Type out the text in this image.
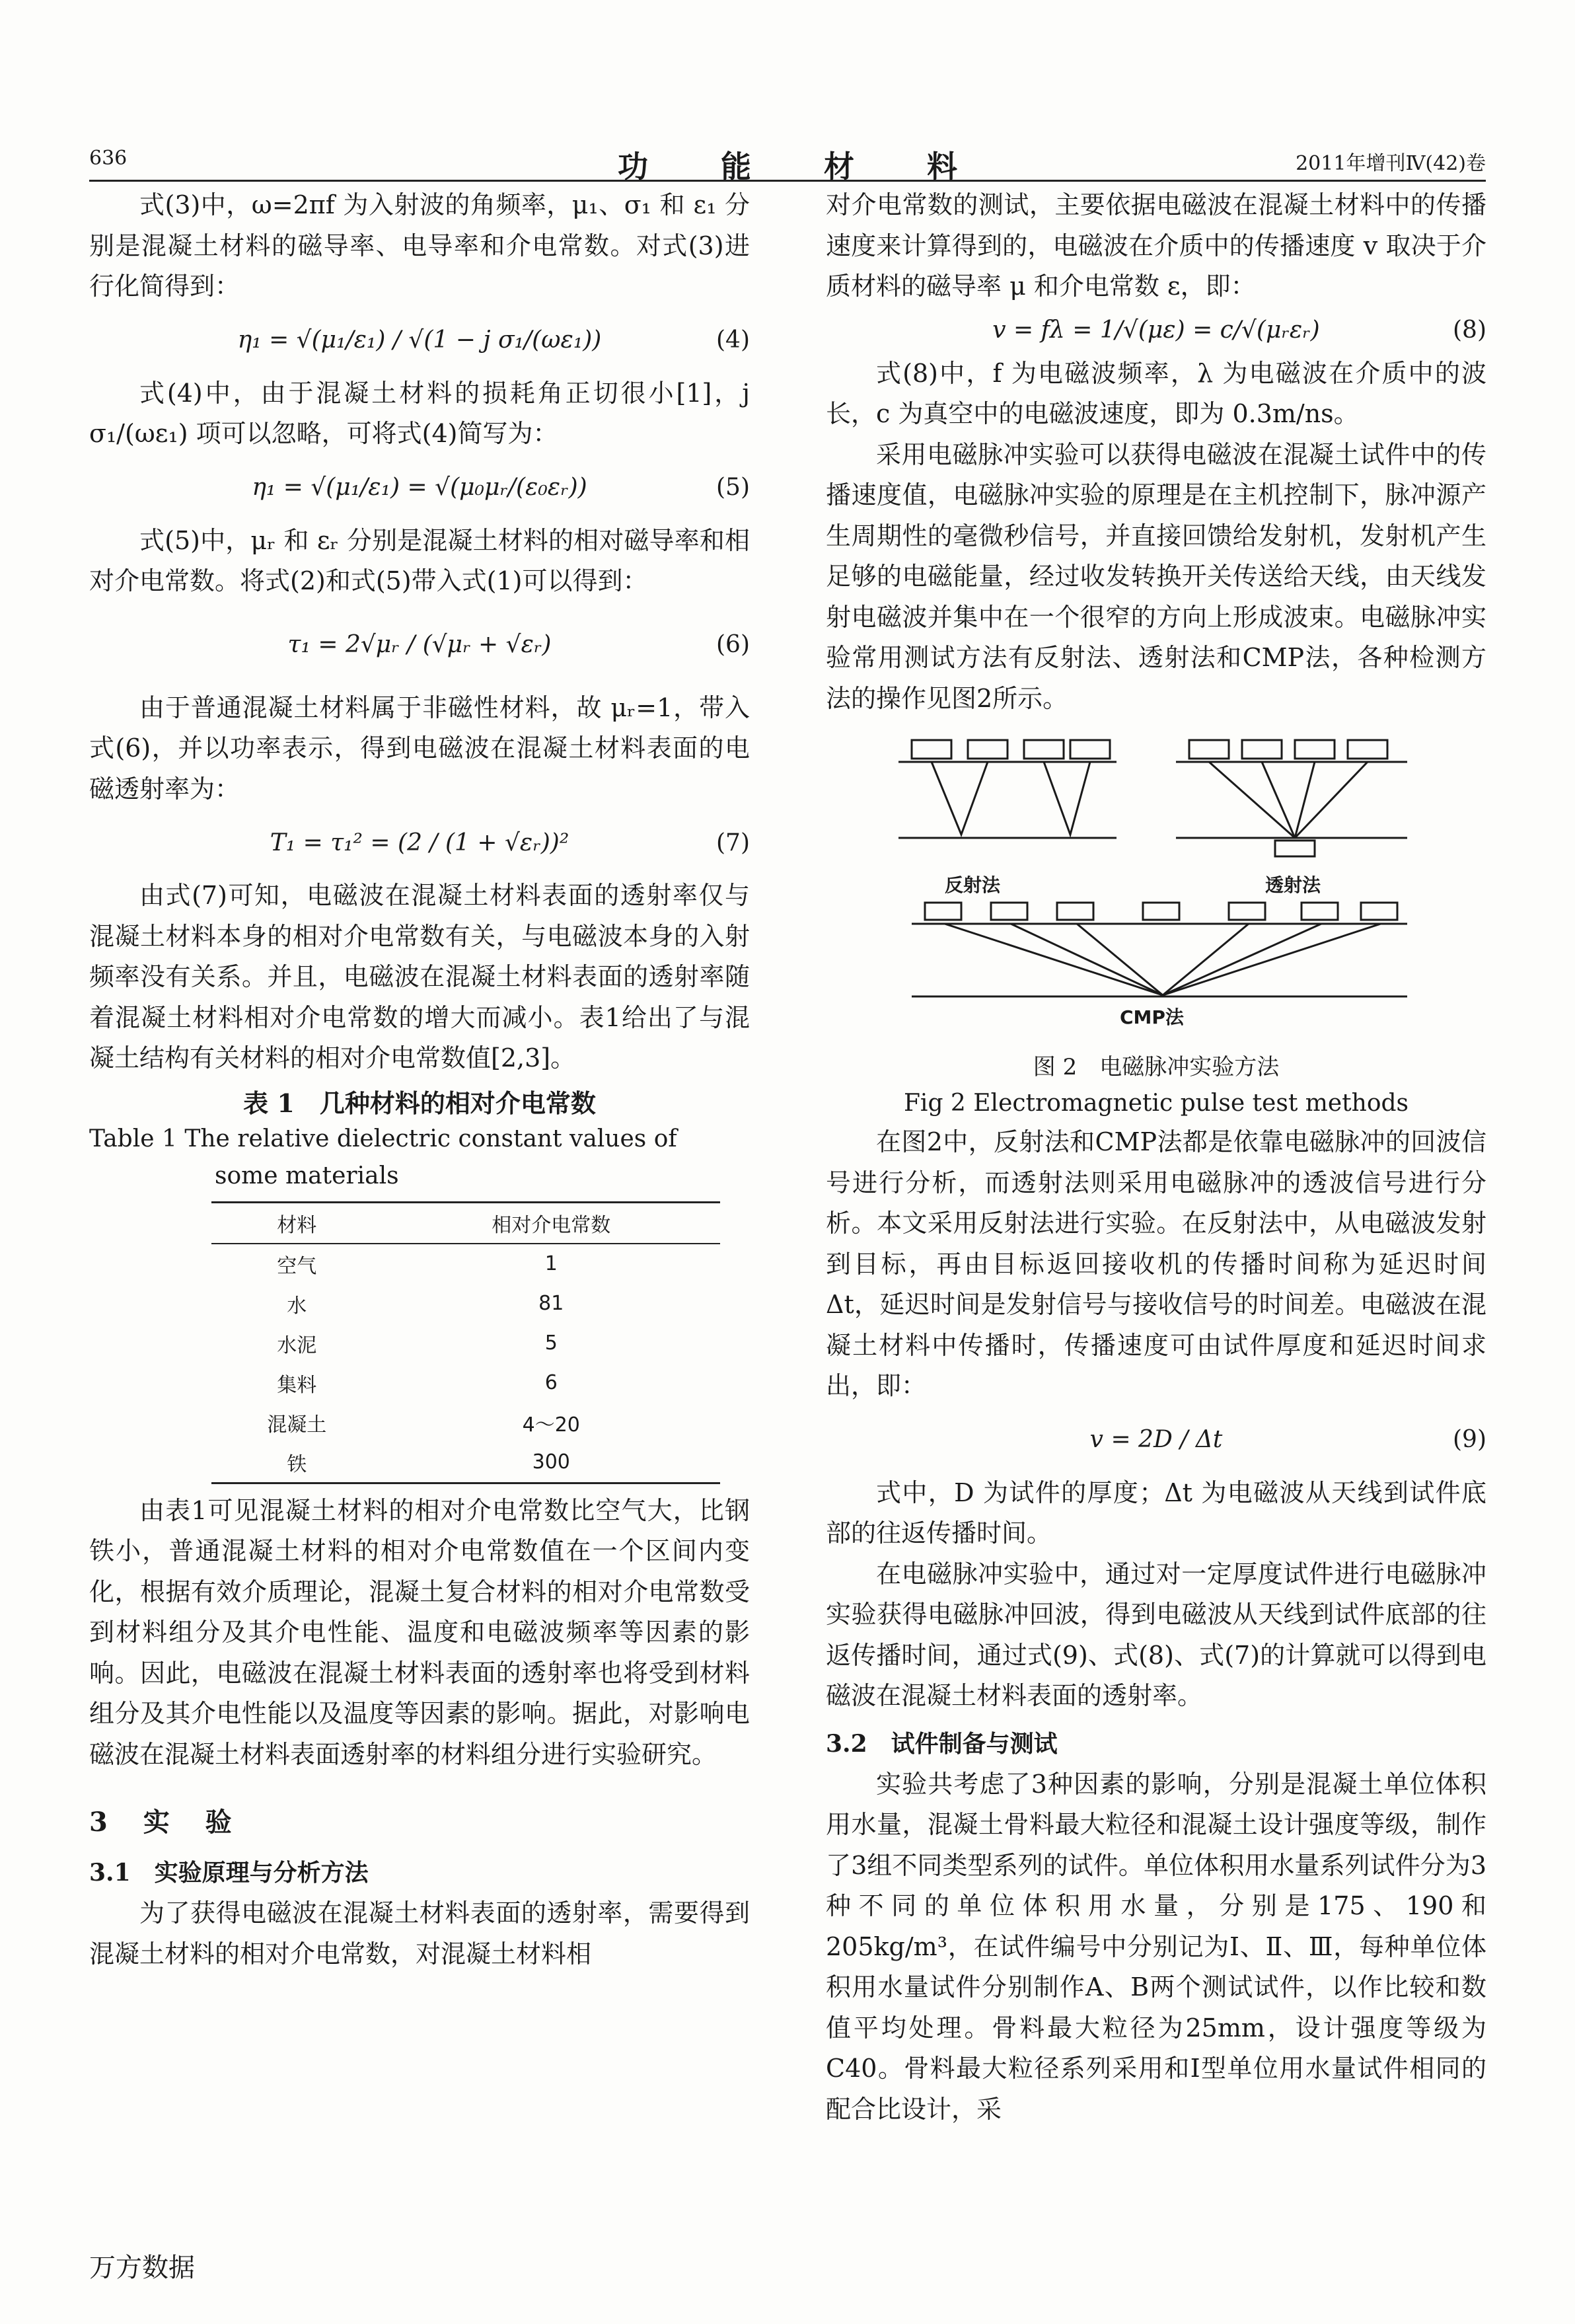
636	功能材料	2011年增刊Ⅳ(42)卷

式(3)中，ω=2πf 为入射波的角频率，μ₁、σ₁ 和 ε₁ 分别是混凝土材料的磁导率、电导率和介电常数。对式(3)进行化简得到：

η₁ = √(μ₁/ε₁) / √(1 − j σ₁/(ωε₁))	(4)

式(4)中，由于混凝土材料的损耗角正切很小[1]，j σ₁/(ωε₁) 项可以忽略，可将式(4)简写为：

η₁ = √(μ₁/ε₁) = √(μ₀μᵣ/(ε₀εᵣ))	(5)

式(5)中，μᵣ 和 εᵣ 分别是混凝土材料的相对磁导率和相对介电常数。将式(2)和式(5)带入式(1)可以得到：

τ₁ = 2√μᵣ / (√μᵣ + √εᵣ)	(6)

由于普通混凝土材料属于非磁性材料，故 μᵣ=1，带入式(6)，并以功率表示，得到电磁波在混凝土材料表面的电磁透射率为：

T₁ = τ₁² = (2 / (1 + √εᵣ))²	(7)

由式(7)可知，电磁波在混凝土材料表面的透射率仅与混凝土材料本身的相对介电常数有关，与电磁波本身的入射频率没有关系。并且，电磁波在混凝土材料表面的透射率随着混凝土材料相对介电常数的增大而减小。表1给出了与混凝土结构有关材料的相对介电常数值[2,3]。

表 1　几种材料的相对介电常数
Table 1 The relative dielectric constant values of
some materials
材料	相对介电常数
空气	1
水	81
水泥	5
集料	6
混凝土	4～20
铁	300

由表1可见混凝土材料的相对介电常数比空气大，比钢铁小，普通混凝土材料的相对介电常数值在一个区间内变化，根据有效介质理论，混凝土复合材料的相对介电常数受到材料组分及其介电性能、温度和电磁波频率等因素的影响。因此，电磁波在混凝土材料表面的透射率也将受到材料组分及其介电性能以及温度等因素的影响。据此，对影响电磁波在混凝土材料表面透射率的材料组分进行实验研究。

3 实 验
3.1　实验原理与分析方法

为了获得电磁波在混凝土材料表面的透射率，需要得到混凝土材料的相对介电常数，对混凝土材料相

对介电常数的测试，主要依据电磁波在混凝土材料中的传播速度来计算得到的，电磁波在介质中的传播速度 v 取决于介质材料的磁导率 μ 和介电常数 ε，即：

v = fλ = 1/√(με) = c/√(μᵣεᵣ)	(8)

式(8)中，f 为电磁波频率，λ 为电磁波在介质中的波长，c 为真空中的电磁波速度，即为 0.3m/ns。

采用电磁脉冲实验可以获得电磁波在混凝土试件中的传播速度值，电磁脉冲实验的原理是在主机控制下，脉冲源产生周期性的毫微秒信号，并直接回馈给发射机，发射机产生足够的电磁能量，经过收发转换开关传送给天线，由天线发射电磁波并集中在一个很窄的方向上形成波束。电磁脉冲实验常用测试方法有反射法、透射法和CMP法，各种检测方法的操作见图2所示。

反射法	透射法
CMP法
图 2　电磁脉冲实验方法
Fig 2 Electromagnetic pulse test methods

在图2中，反射法和CMP法都是依靠电磁脉冲的回波信号进行分析，而透射法则采用电磁脉冲的透波信号进行分析。本文采用反射法进行实验。在反射法中，从电磁波发射到目标，再由目标返回接收机的传播时间称为延迟时间 Δt，延迟时间是发射信号与接收信号的时间差。电磁波在混凝土材料中传播时，传播速度可由试件厚度和延迟时间求出，即：

v = 2D / Δt	(9)

式中，D 为试件的厚度；Δt 为电磁波从天线到试件底部的往返传播时间。

在电磁脉冲实验中，通过对一定厚度试件进行电磁脉冲实验获得电磁脉冲回波，得到电磁波从天线到试件底部的往返传播时间，通过式(9)、式(8)、式(7)的计算就可以得到电磁波在混凝土材料表面的透射率。

3.2　试件制备与测试

实验共考虑了3种因素的影响，分别是混凝土单位体积用水量，混凝土骨料最大粒径和混凝土设计强度等级，制作了3组不同类型系列的试件。单位体积用水量系列试件分为3种不同的单位体积用水量，分别是175、190和205kg/m³，在试件编号中分别记为Ⅰ、Ⅱ、Ⅲ，每种单位体积用水量试件分别制作A、B两个测试试件，以作比较和数值平均处理。骨料最大粒径为25mm，设计强度等级为C40。骨料最大粒径系列采用和Ⅰ型单位用水量试件相同的配合比设计，采

万方数据
